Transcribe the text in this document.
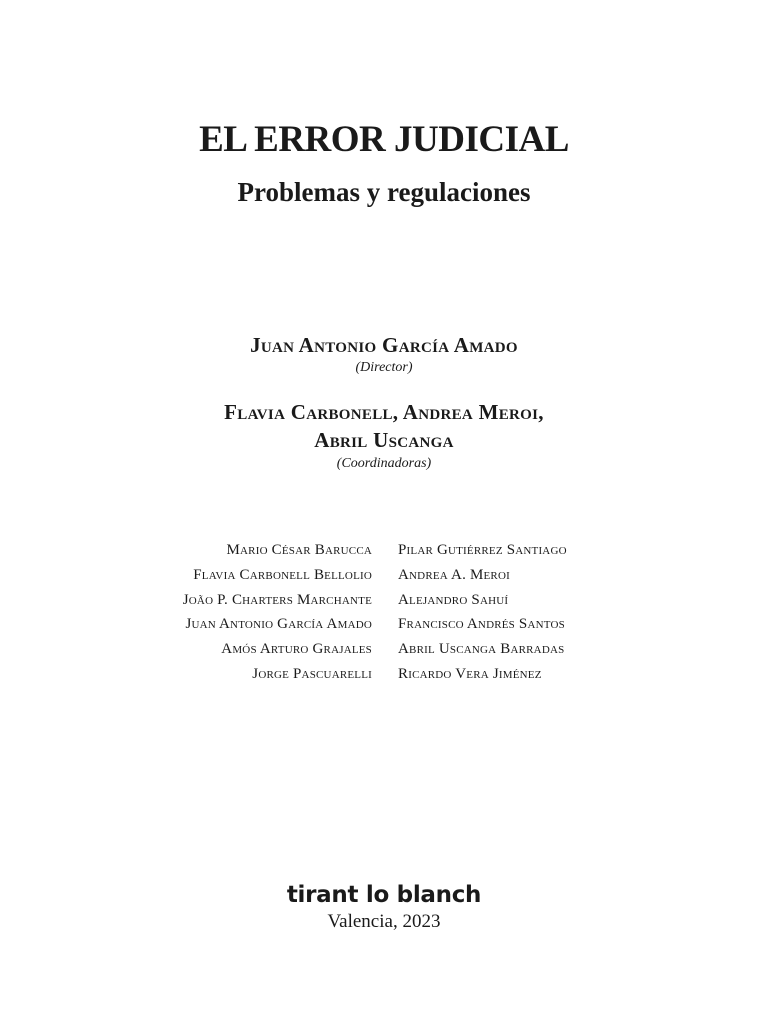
EL ERROR JUDICIAL
Problemas y regulaciones
Juan Antonio García Amado
(Director)
Flavia Carbonell, Andrea Meroi,
Abril Uscanga
(Coordinadoras)
Mario César Barucca
Flavia Carbonell Bellolio
João P. Charters Marchante
Juan Antonio García Amado
Amós Arturo Grajales
Jorge Pascuarelli
Pilar Gutiérrez Santiago
Andrea A. Meroi
Alejandro Sahuí
Francisco Andrés Santos
Abril Uscanga Barradas
Ricardo Vera Jiménez
tirant lo blanch
Valencia, 2023
